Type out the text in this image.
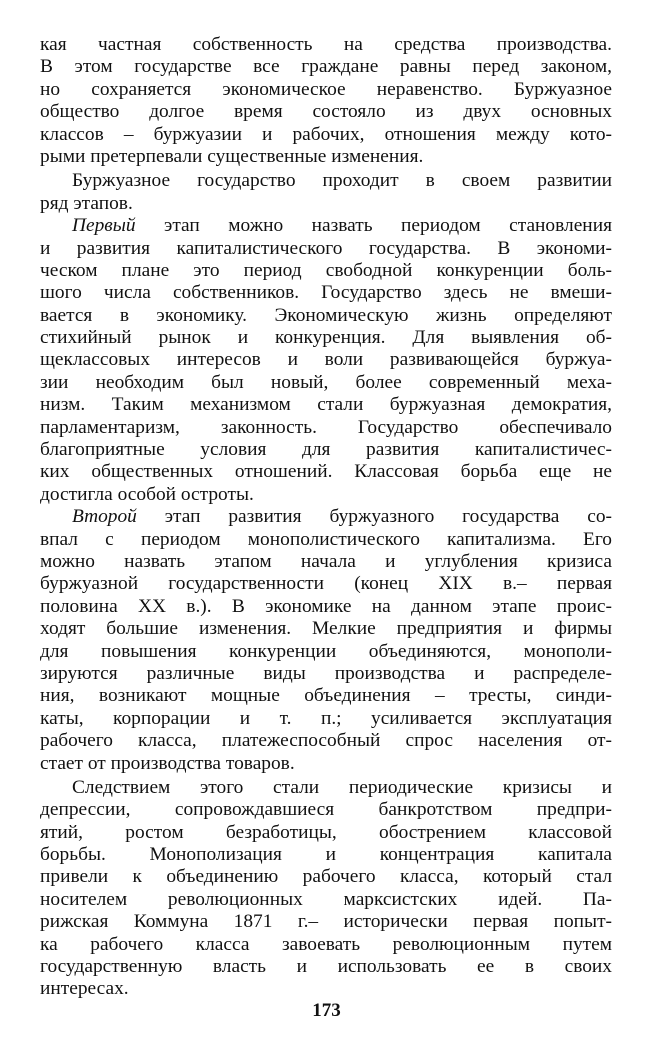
кая частная собственность на средства производства.
В этом государстве все граждане равны перед законом,
но сохраняется экономическое неравенство. Буржуазное
общество долгое время состояло из двух основных
классов – буржуазии и рабочих, отношения между кото-
рыми претерпевали существенные изменения.
Буржуазное государство проходит в своем развитии
ряд этапов.
Первый этап можно назвать периодом становления
и развития капиталистического государства. В экономи-
ческом плане это период свободной конкуренции боль-
шого числа собственников. Государство здесь не вмеши-
вается в экономику. Экономическую жизнь определяют
стихийный рынок и конкуренция. Для выявления об-
щеклассовых интересов и воли развивающейся буржуа-
зии необходим был новый, более современный меха-
низм. Таким механизмом стали буржуазная демократия,
парламентаризм, законность. Государство обеспечивало
благоприятные условия для развития капиталистичес-
ких общественных отношений. Классовая борьба еще не
достигла особой остроты.
Второй этап развития буржуазного государства со-
впал с периодом монополистического капитализма. Его
можно назвать этапом начала и углубления кризиса
буржуазной государственности (конец XIX в.– первая
половина XX в.). В экономике на данном этапе проис-
ходят большие изменения. Мелкие предприятия и фирмы
для повышения конкуренции объединяются, монополи-
зируются различные виды производства и распределе-
ния, возникают мощные объединения – тресты, синди-
каты, корпорации и т. п.; усиливается эксплуатация
рабочего класса, платежеспособный спрос населения от-
стает от производства товаров.
Следствием этого стали периодические кризисы и
депрессии, сопровождавшиеся банкротством предпри-
ятий, ростом безработицы, обострением классовой
борьбы. Монополизация и концентрация капитала
привели к объединению рабочего класса, который стал
носителем революционных марксистских идей. Па-
рижская Коммуна 1871 г.– исторически первая попыт-
ка рабочего класса завоевать революционным путем
государственную власть и использовать ее в своих
интересах.
173
